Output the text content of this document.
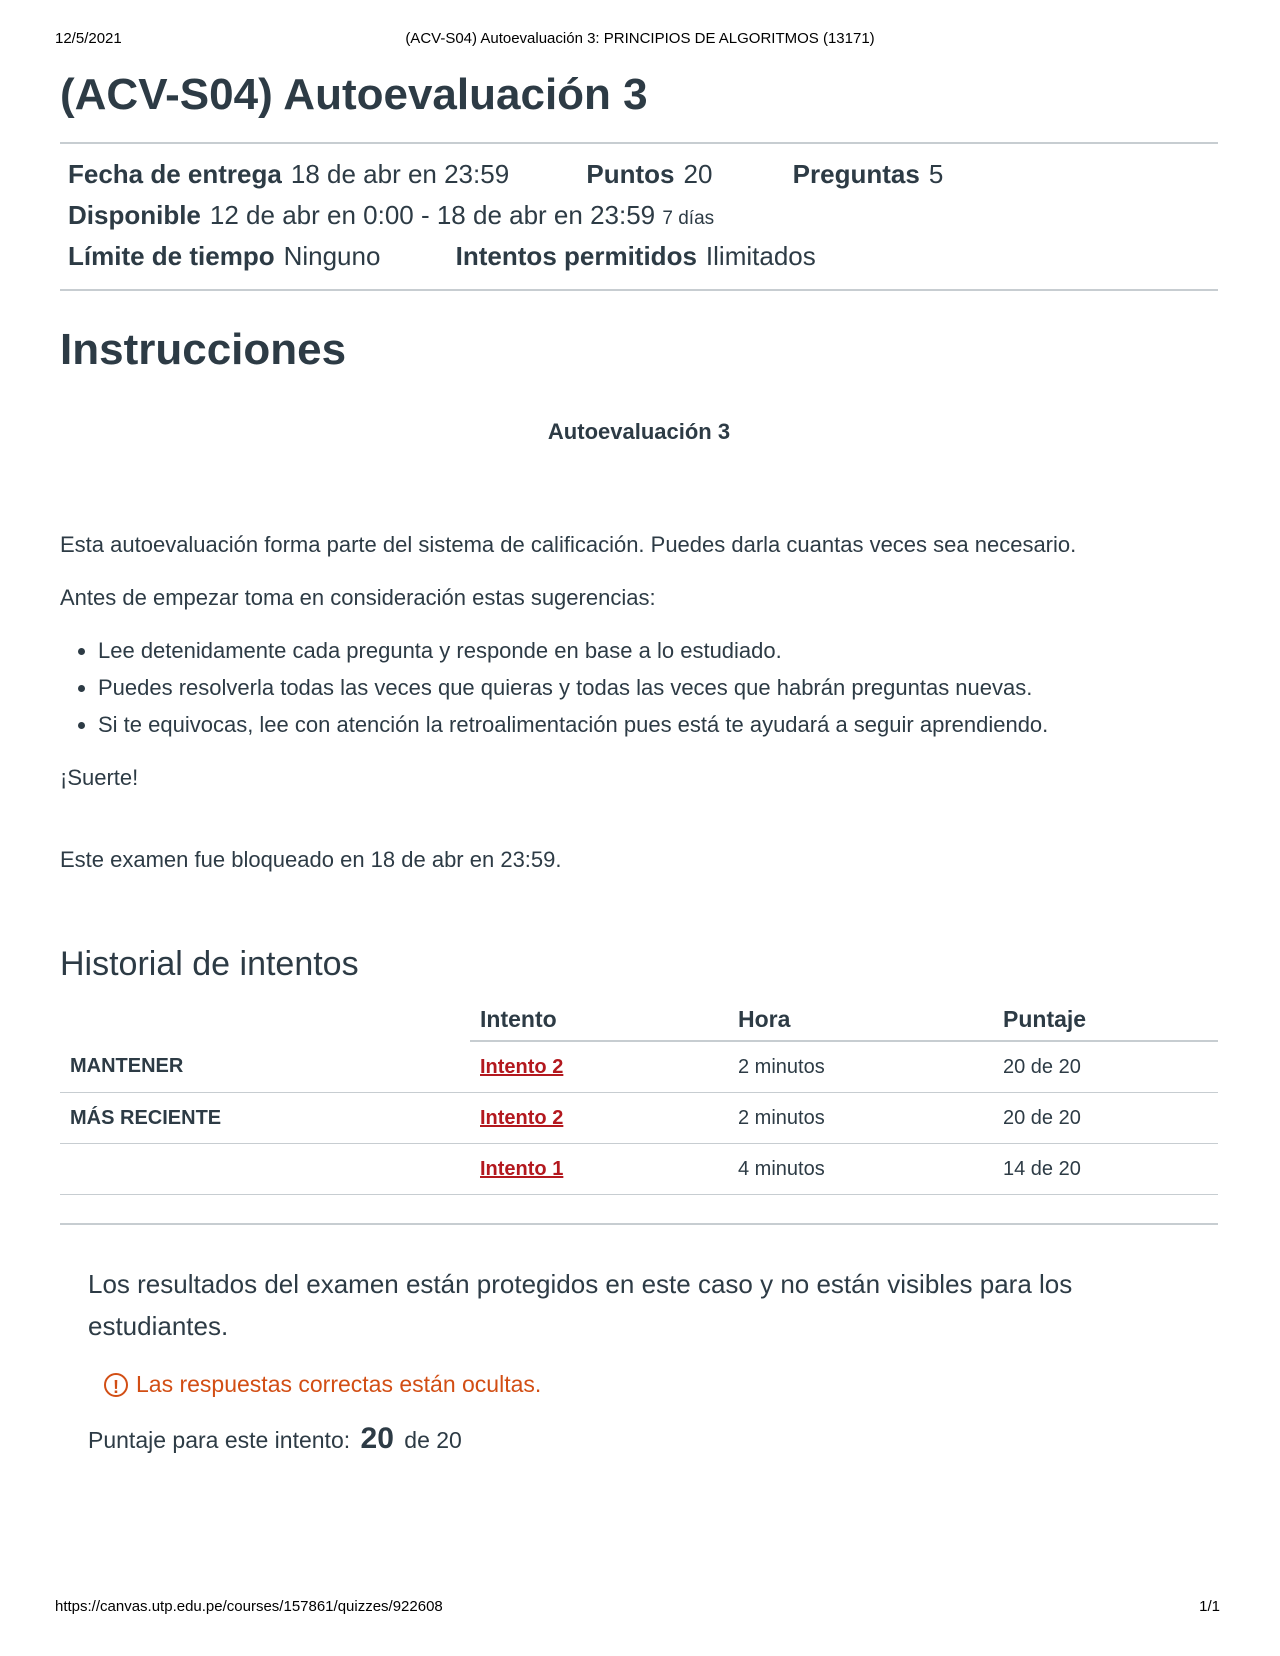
12/5/2021	(ACV-S04) Autoevaluación 3: PRINCIPIOS DE ALGORITMOS (13171)
(ACV-S04) Autoevaluación 3
Fecha de entrega 18 de abr en 23:59	Puntos 20	Preguntas 5
Disponible 12 de abr en 0:00 - 18 de abr en 23:59 7 días
Límite de tiempo Ninguno	Intentos permitidos Ilimitados
Instrucciones
Autoevaluación 3

Esta autoevaluación forma parte del sistema de calificación. Puedes darla cuantas veces sea necesario.

Antes de empezar toma en consideración estas sugerencias:

• Lee detenidamente cada pregunta y responde en base a lo estudiado.
• Puedes resolverla todas las veces que quieras y todas las veces que habrán preguntas nuevas.
• Si te equivocas, lee con atención la retroalimentación pues está te ayudará a seguir aprendiendo.

¡Suerte!

Este examen fue bloqueado en 18 de abr en 23:59.

Historial de intentos
	Intento	Hora	Puntaje
MANTENER	Intento 2	2 minutos	20 de 20
MÁS RECIENTE	Intento 2	2 minutos	20 de 20
	Intento 1	4 minutos	14 de 20

Los resultados del examen están protegidos en este caso y no están visibles para los estudiantes.

! Las respuestas correctas están ocultas.
Puntaje para este intento: 20 de 20
https://canvas.utp.edu.pe/courses/157861/quizzes/922608	1/1
